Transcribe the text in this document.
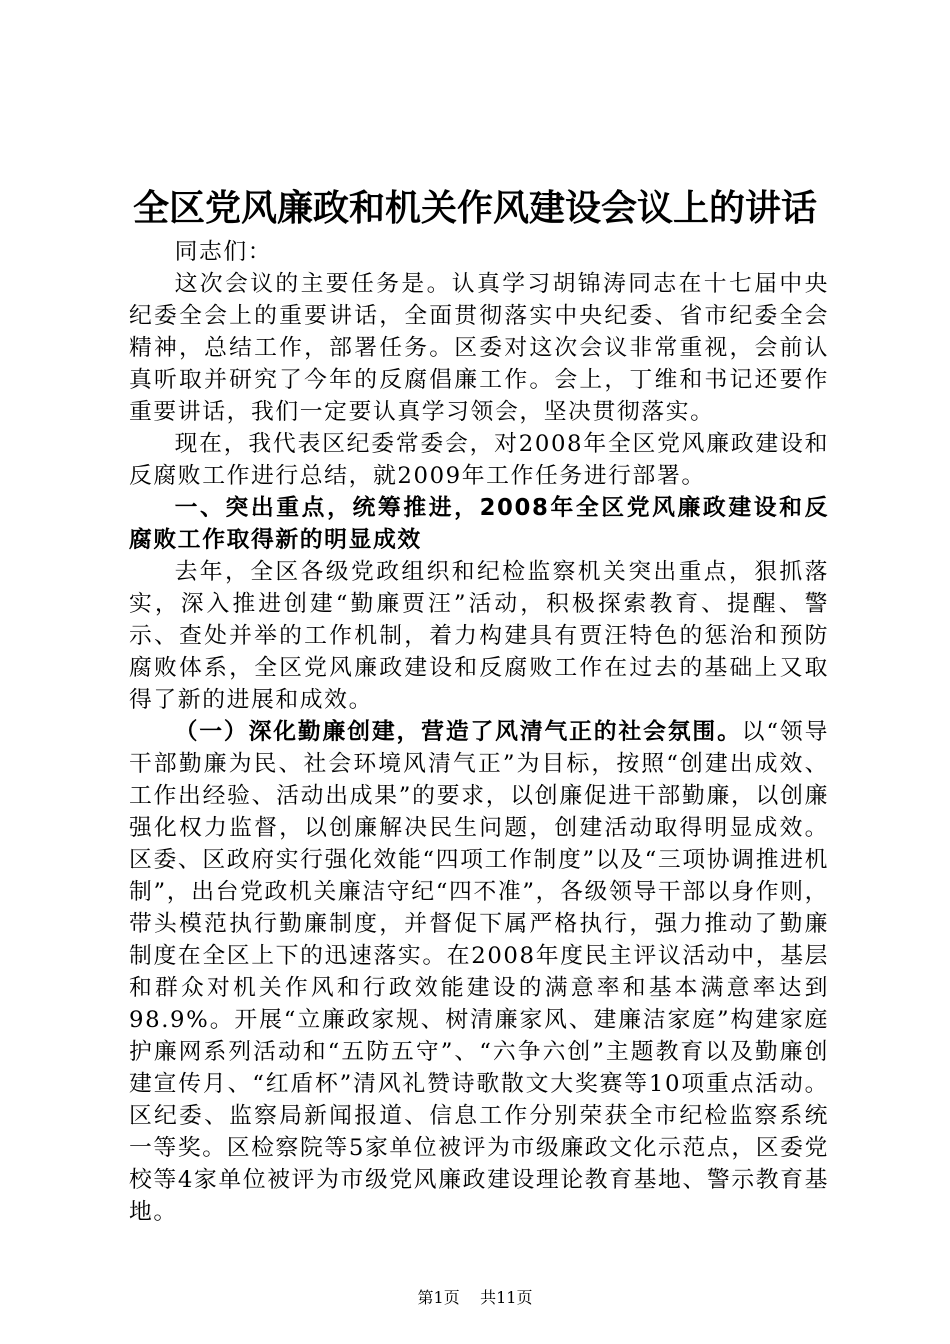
全区党风廉政和机关作风建设会议上的讲话

同志们：

这次会议的主要任务是。认真学习胡锦涛同志在十七届中央纪委全会上的重要讲话，全面贯彻落实中央纪委、省市纪委全会精神，总结工作，部署任务。区委对这次会议非常重视，会前认真听取并研究了今年的反腐倡廉工作。会上，丁维和书记还要作重要讲话，我们一定要认真学习领会，坚决贯彻落实。

现在，我代表区纪委常委会，对2008年全区党风廉政建设和反腐败工作进行总结，就2009年工作任务进行部署。

一、突出重点，统筹推进，2008年全区党风廉政建设和反腐败工作取得新的明显成效

去年，全区各级党政组织和纪检监察机关突出重点，狠抓落实，深入推进创建“勤廉贾汪”活动，积极探索教育、提醒、警示、查处并举的工作机制，着力构建具有贾汪特色的惩治和预防腐败体系，全区党风廉政建设和反腐败工作在过去的基础上又取得了新的进展和成效。

（一）深化勤廉创建，营造了风清气正的社会氛围。以“领导干部勤廉为民、社会环境风清气正”为目标，按照“创建出成效、工作出经验、活动出成果”的要求，以创廉促进干部勤廉，以创廉强化权力监督，以创廉解决民生问题，创建活动取得明显成效。区委、区政府实行强化效能“四项工作制度”以及“三项协调推进机制”，出台党政机关廉洁守纪“四不准”，各级领导干部以身作则，带头模范执行勤廉制度，并督促下属严格执行，强力推动了勤廉制度在全区上下的迅速落实。在2008年度民主评议活动中，基层和群众对机关作风和行政效能建设的满意率和基本满意率达到98.9%。开展“立廉政家规、树清廉家风、建廉洁家庭”构建家庭护廉网系列活动和“五防五守”、“六争六创”主题教育以及勤廉创建宣传月、“红盾杯”清风礼赞诗歌散文大奖赛等10项重点活动。区纪委、监察局新闻报道、信息工作分别荣获全市纪检监察系统一等奖。区检察院等5家单位被评为市级廉政文化示范点，区委党校等4家单位被评为市级党风廉政建设理论教育基地、警示教育基地。

第1页 共11页
